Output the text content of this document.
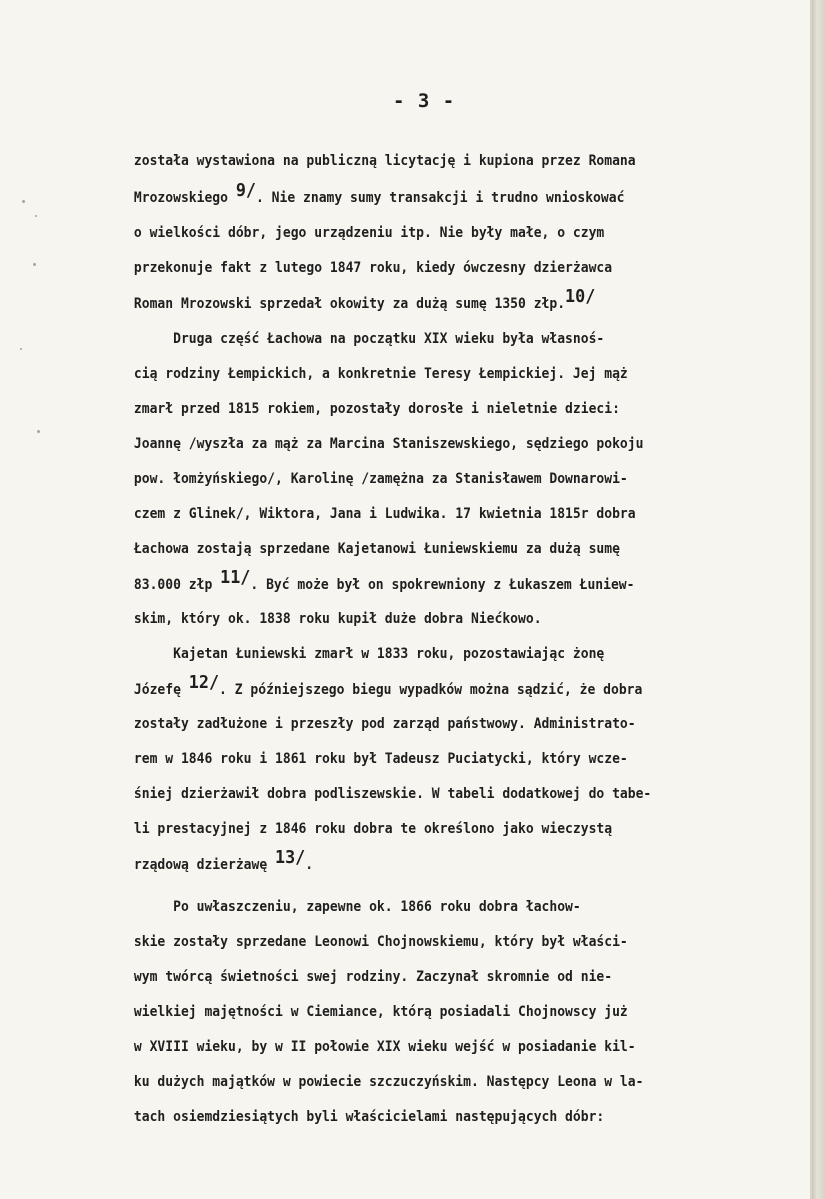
- 3 -

została wystawiona na publiczną licytację i kupiona przez Romana

Mrozowskiego 9/. Nie znamy sumy transakcji i trudno wnioskować

o wielkości dóbr, jego urządzeniu itp. Nie były małe, o czym

przekonuje fakt z lutego 1847 roku, kiedy ówczesny dzierżawca

Roman Mrozowski sprzedał okowity za dużą sumę 1350 złp.10/

Druga część Łachowa na początku XIX wieku była własnoś-

cią rodziny Łempickich, a konkretnie Teresy Łempickiej. Jej mąż

zmarł przed 1815 rokiem, pozostały dorosłe i nieletnie dzieci:

Joannę /wyszła za mąż za Marcina Staniszewskiego, sędziego pokoju

pow. łomżyńskiego/, Karolinę /zamężna za Stanisławem Downarowi-

czem z Glinek/, Wiktora, Jana i Ludwika. 17 kwietnia 1815r dobra

Łachowa zostają sprzedane Kajetanowi Łuniewskiemu za dużą sumę

83.000 złp 11/. Być może był on spokrewniony z Łukaszem Łuniew-

skim, który ok. 1838 roku kupił duże dobra Niećkowo.

Kajetan Łuniewski zmarł w 1833 roku, pozostawiając żonę

Józefę 12/. Z późniejszego biegu wypadków można sądzić, że dobra

zostały zadłużone i przeszły pod zarząd państwowy. Administrato-

rem w 1846 roku i 1861 roku był Tadeusz Puciatycki, który wcze-

śniej dzierżawił dobra podliszewskie. W tabeli dodatkowej do tabe-

li prestacyjnej z 1846 roku dobra te określono jako wieczystą

rządową dzierżawę 13/.

Po uwłaszczeniu, zapewne ok. 1866 roku dobra łachow-

skie zostały sprzedane Leonowi Chojnowskiemu, który był właści-

wym twórcą świetności swej rodziny. Zaczynał skromnie od nie-

wielkiej majętności w Ciemiance, którą posiadali Chojnowscy już

w XVIII wieku, by w II połowie XIX wieku wejść w posiadanie kil-

ku dużych majątków w powiecie szczuczyńskim. Następcy Leona w la-

tach osiemdziesiątych byli właścicielami następujących dóbr:
